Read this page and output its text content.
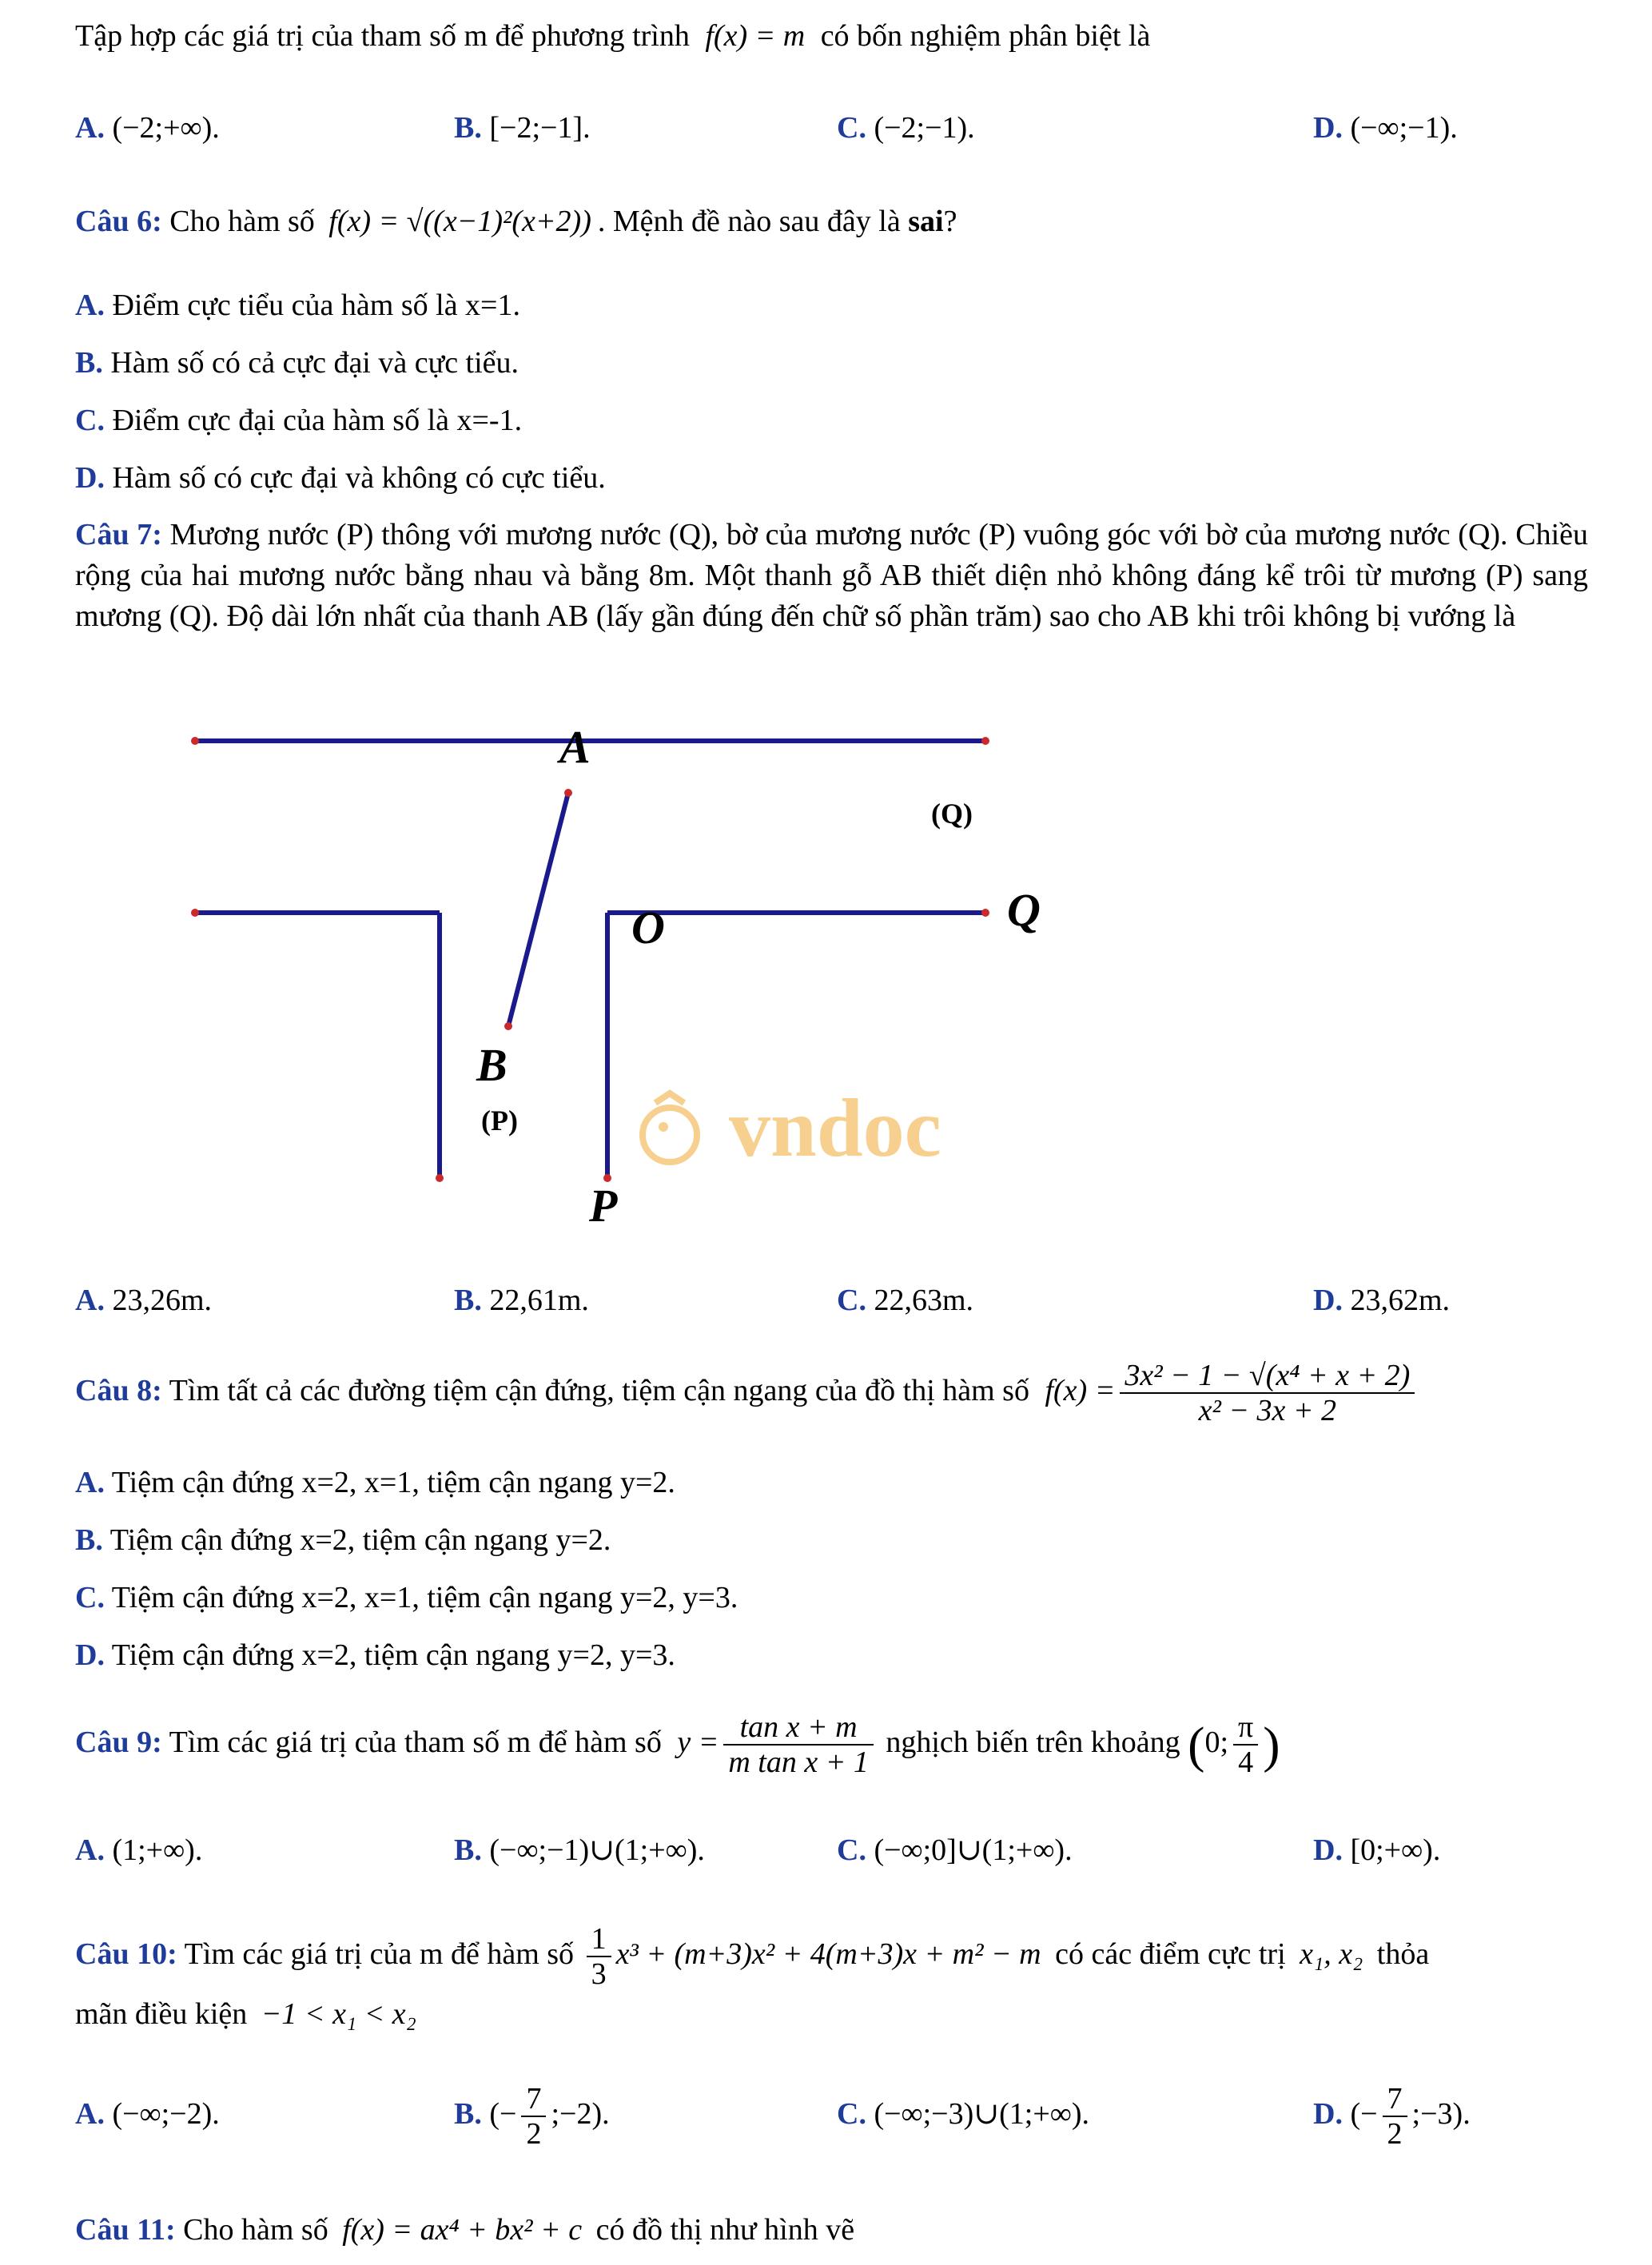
Tập hợp các giá trị của tham số m để phương trình f(x) = m có bốn nghiệm phân biệt là
A. (−2;+∞).	B. [−2;−1].	C. (−2;−1).	D. (−∞;−1).
Câu 6: Cho hàm số f(x) = √((x−1)²(x+2)) . Mệnh đề nào sau đây là sai?
A. Điểm cực tiểu của hàm số là x=1.
B. Hàm số có cả cực đại và cực tiểu.
C. Điểm cực đại của hàm số là x=-1.
D. Hàm số có cực đại và không có cực tiểu.
Câu 7: Mương nước (P) thông với mương nước (Q), bờ của mương nước (P) vuông góc với bờ của mương nước (Q). Chiều rộng của hai mương nước bằng nhau và bằng 8m. Một thanh gỗ AB thiết diện nhỏ không đáng kể trôi từ mương (P) sang mương (Q). Độ dài lớn nhất của thanh AB (lấy gần đúng đến chữ số phần trăm) sao cho AB khi trôi không bị vướng là
vndoc
A
O	Q
B
P
(Q)
(P)
A. 23,26m.	B. 22,61m.	C. 22,63m.	D. 23,62m.
Câu 8: Tìm tất cả các đường tiệm cận đứng, tiệm cận ngang của đồ thị hàm số $f(x) = \frac{\text{3x² − 1 − √(x⁴ + x + 2)}}{\text{x² − 3x + 2}}$
A. Tiệm cận đứng x=2, x=1, tiệm cận ngang y=2.
B. Tiệm cận đứng x=2, tiệm cận ngang y=2.
C. Tiệm cận đứng x=2, x=1, tiệm cận ngang y=2, y=3.
D. Tiệm cận đứng x=2, tiệm cận ngang y=2, y=3.
Câu 9: Tìm các giá trị của tham số m để hàm số $y = \frac{\text{tan x + m}}{\text{m tan x + 1}}$ nghịch biến trên khoảng (0; $\frac{\pi}{4}$ )
A. (1;+∞).	B. (−∞;−1)∪(1;+∞).	C. (−∞;0]∪(1;+∞).	D. [0;+∞).
Câu 10: Tìm các giá trị của m để hàm số $\frac{1}{3} x^3 + (m+3)x^2 + 4(m+3)x + m^2 - m$ có các điểm cực trị x₁, x₂ thỏa
mãn điều kiện −1 < x₁ < x₂
A. (−∞;−2).	B. (− $\frac{7}{2}$ ;−2).	C. (−∞;−3)∪(1;+∞).	D. (− $\frac{7}{2}$ ;−3).
Câu 11: Cho hàm số f(x) = ax⁴ + bx² + c có đồ thị như hình vẽ
